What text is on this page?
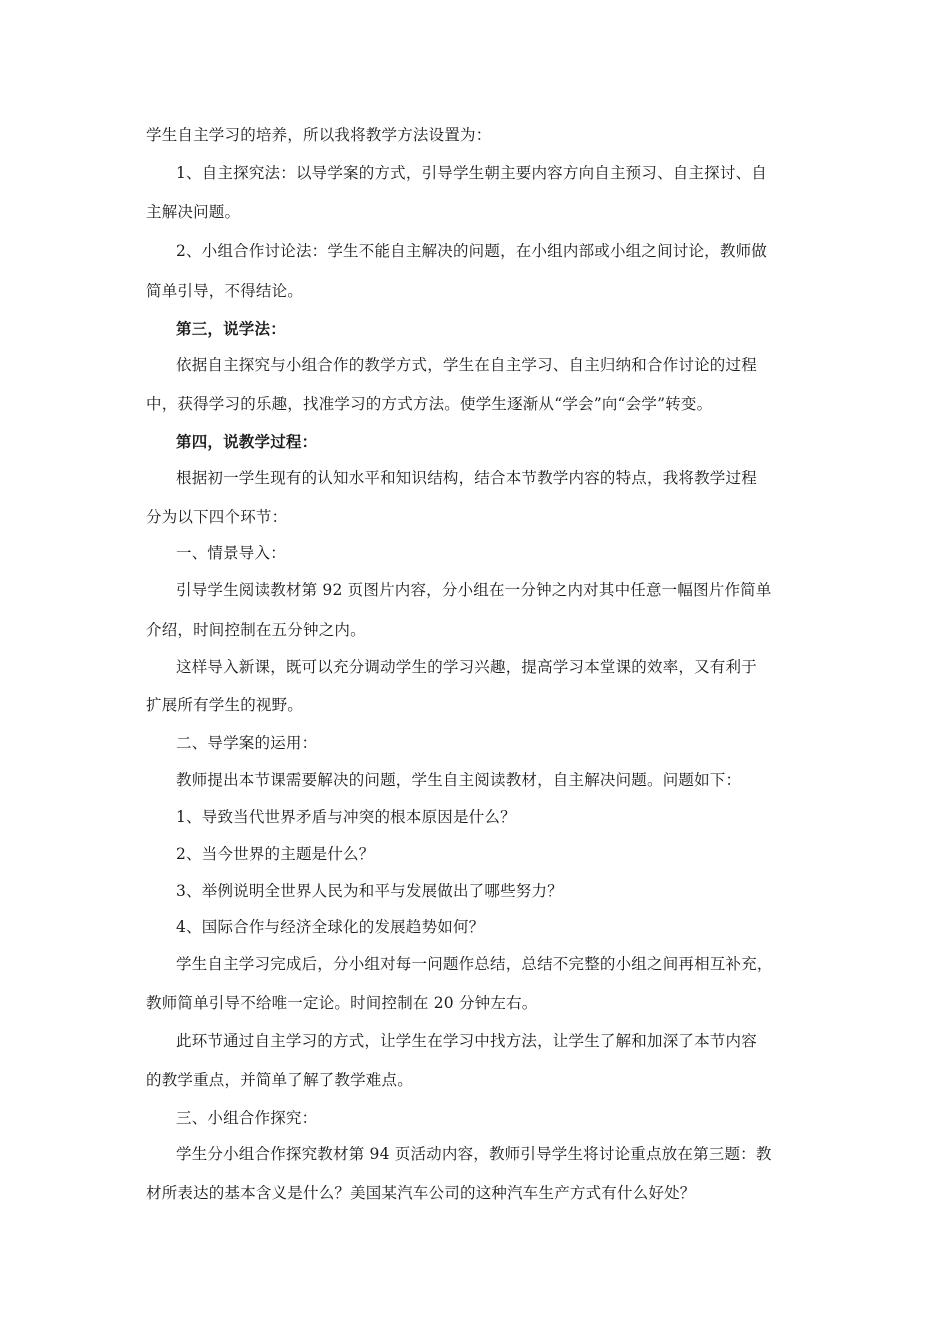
学生自主学习的培养，所以我将教学方法设置为：
1、自主探究法：以导学案的方式，引导学生朝主要内容方向自主预习、自主探讨、自
主解决问题。
2、小组合作讨论法：学生不能自主解决的问题，在小组内部或小组之间讨论，教师做
简单引导，不得结论。
第三，说学法：
依据自主探究与小组合作的教学方式，学生在自主学习、自主归纳和合作讨论的过程
中，获得学习的乐趣，找准学习的方式方法。使学生逐渐从“学会”向“会学”转变。
第四，说教学过程：
根据初一学生现有的认知水平和知识结构，结合本节教学内容的特点，我将教学过程
分为以下四个环节：
一、情景导入：
引导学生阅读教材第 92 页图片内容，分小组在一分钟之内对其中任意一幅图片作简单
介绍，时间控制在五分钟之内。
这样导入新课，既可以充分调动学生的学习兴趣，提高学习本堂课的效率，又有利于
扩展所有学生的视野。
二、导学案的运用：
教师提出本节课需要解决的问题，学生自主阅读教材，自主解决问题。问题如下：
1、导致当代世界矛盾与冲突的根本原因是什么？
2、当今世界的主题是什么？
3、举例说明全世界人民为和平与发展做出了哪些努力？
4、国际合作与经济全球化的发展趋势如何？
学生自主学习完成后，分小组对每一问题作总结，总结不完整的小组之间再相互补充，
教师简单引导不给唯一定论。时间控制在 20 分钟左右。
此环节通过自主学习的方式，让学生在学习中找方法，让学生了解和加深了本节内容
的教学重点，并简单了解了教学难点。
三、小组合作探究：
学生分小组合作探究教材第 94 页活动内容，教师引导学生将讨论重点放在第三题：教
材所表达的基本含义是什么？美国某汽车公司的这种汽车生产方式有什么好处？
